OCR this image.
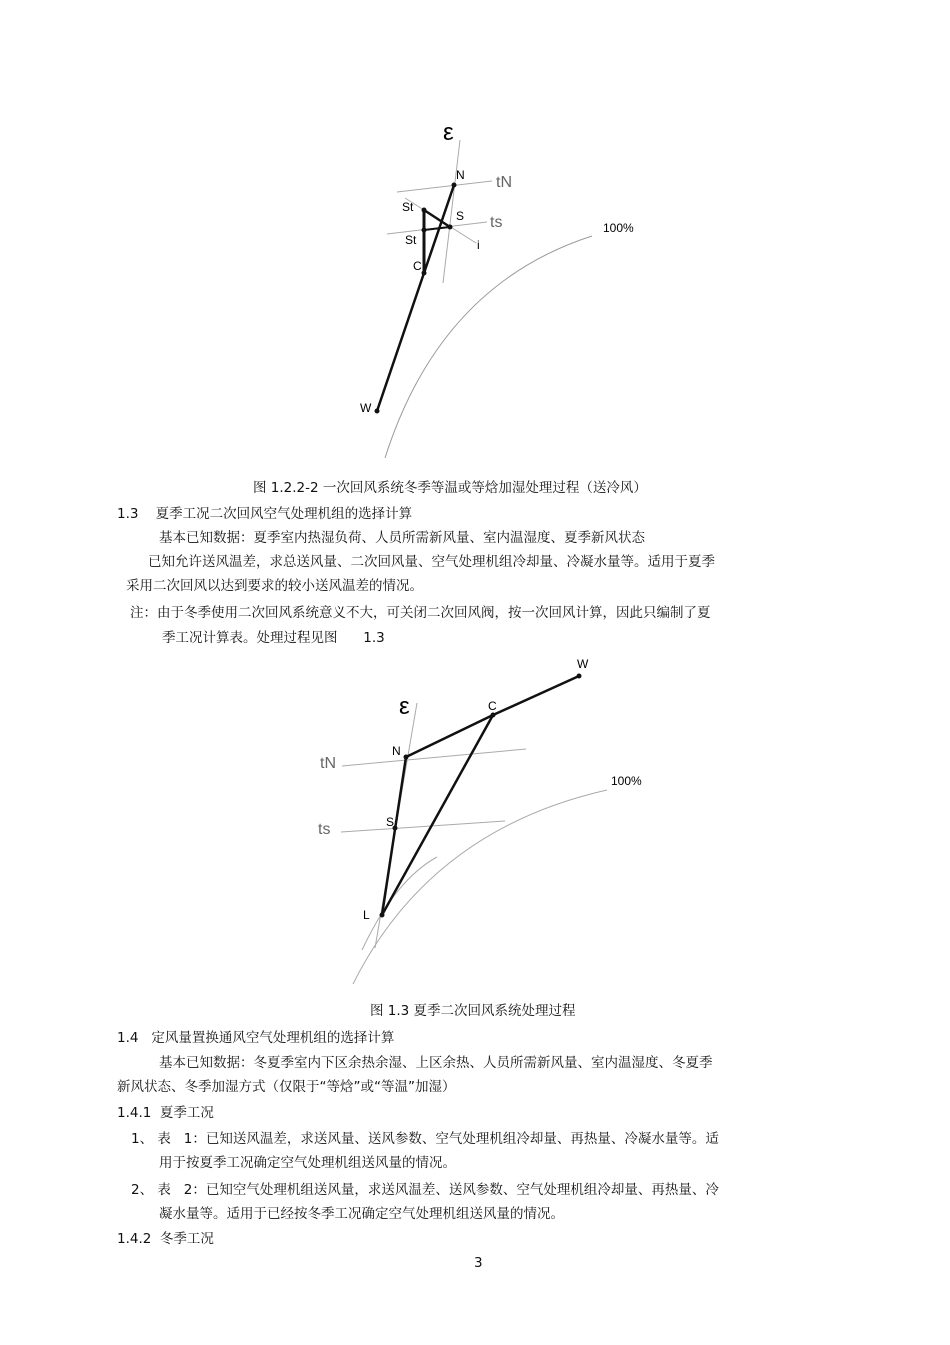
ε
N tN
St
S ts
St	i
C
W
100%
图 1.2.2-2 一次回风系统冬季等温或等焓加湿处理过程（送冷风）
1.3    夏季工况二次回风空气处理机组的选择计算
基本已知数据：夏季室内热湿负荷、人员所需新风量、室内温湿度、夏季新风状态
已知允许送风温差，求总送风量、二次回风量、空气处理机组冷却量、冷凝水量等。适用于夏季
采用二次回风以达到要求的较小送风温差的情况。
注：由于冬季使用二次回风系统意义不大，可关闭二次回风阀，按一次回风计算，因此只编制了夏
季工况计算表。处理过程见图      1.3
W
ε	C
N
tN
100%
S
ts
L
图 1.3 夏季二次回风系统处理过程
1.4   定风量置换通风空气处理机组的选择计算
基本已知数据：冬夏季室内下区余热余湿、上区余热、人员所需新风量、室内温湿度、冬夏季
新风状态、冬季加湿方式（仅限于“等焓”或“等温”加湿）
1.4.1  夏季工况
1、 表   1：已知送风温差，求送风量、送风参数、空气处理机组冷却量、再热量、冷凝水量等。适
用于按夏季工况确定空气处理机组送风量的情况。
2、 表   2：已知空气处理机组送风量，求送风温差、送风参数、空气处理机组冷却量、再热量、冷
凝水量等。适用于已经按冬季工况确定空气处理机组送风量的情况。
1.4.2  冬季工况
3
